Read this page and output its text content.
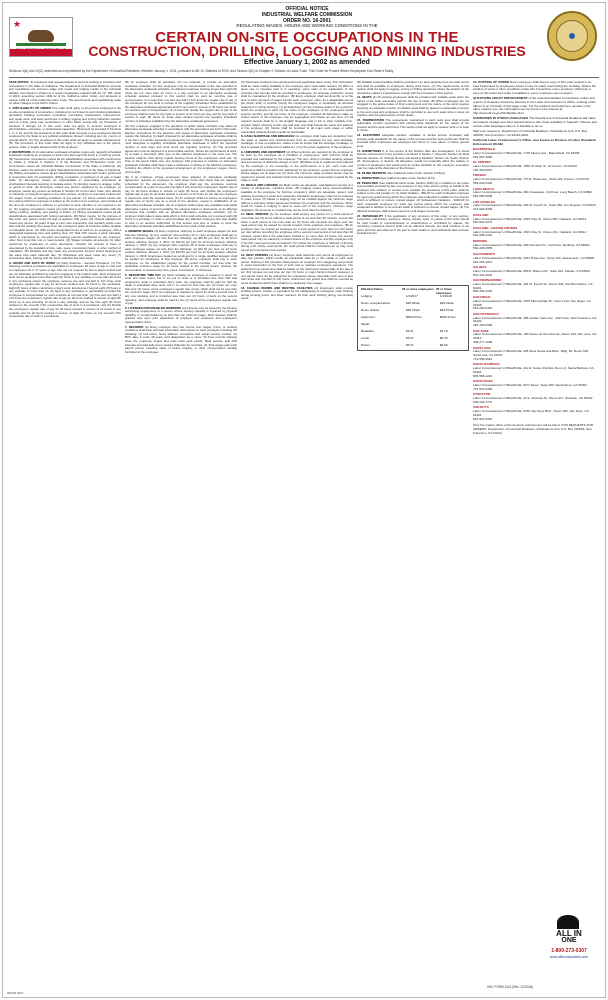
★
OFFICIAL NOTICE
INDUSTRIAL WELFARE COMMISSION
ORDER NO. 16-2001
REGULATING WAGES, HOURS AND WORKING CONDITIONS IN THE
CERTAIN ON-SITE OCCUPATIONS IN THE
CONSTRUCTION, DRILLING, LOGGING AND MINING INDUSTRIES
Effective January 1, 2002 as amended
Sections 4(A) and 10(C) amended and republished by the Department of Industrial Relations, effective January 1, 2011, pursuant to AB 10, Statutes of 2010; and Section 3(D) of Chapter 4, Division of Labor Code. This Order for Posted Where Employees Can Read It Easily

TAKE NOTICE: To employers and representatives of persons working in industries and occupations in the State of California: The Department of Industrial Relations amends and republishes the minimum wage and meals and lodging credits in the Industrial Welfare Commission's Orders as a result of legislation enacted (AB 10, Ch. 351, Stats of 2013, amending section 1182.12 of the California Labor Code), and pursuant to section 1182.13 of the California Labor Code. The amendments and republishing make no other changes to the IWC's Orders.

1. APPLICABILITY OF ORDER This order shall apply to all persons employed in the on-site occupations of construction, including but not limited to work involving alteration, demolition, building, excavation, renovation, remodeling, maintenance, improvement, and repair work, and work performed in drilling, logging and mining industries whether paid on a time, piece rate, commission, or other basis, except that: (A) Provisions of Sections 3 through 12 of this order shall not apply to persons employed in administrative, executive, or professional capacities. (B) Except as provided in Sections 1, 2, 4, 10, and 20, the provisions of this order shall not apply to any employees directly employed by the State or any political subdivision thereof, including any city, county, or special district. (C) The provisions of this order shall not apply to outside salespersons. (D) The provisions of this order shall not apply to any individual who is the parent, spouse, child, or legally adopted child of the employer.

2. DEFINITIONS (A) An alternative workweek schedule means any regularly scheduled workweek requiring an employee to work more than eight (8) hours in a 24-hour period. (B) Construction occupations means all job classifications associated with construction by Article 2, Chapter 9, Division 3 of the Business and Professions Code. (C) Commission means the Industrial Welfare Commission of the State of California. (D) Division means the Division of Labor Standards Enforcement of the State of California. (E) Drilling occupations means all job classifications associated with and/or performed in conjunction with, the exploration, drilling, completion, or workover of oil, gas, or water wells. (F) Emergency means an unpredictable or unavoidable occurrence at unscheduled intervals requiring immediate action. (G) Employ means to engage, suffer, or permit to work. (H) Employee means any person employed by an employer. (I) Employer means any person as defined in Section 18 of the Labor Code, who directly or indirectly, or through an agent or any other person, employs or exercises control over the wages, hours, or working conditions of any person. (J) Hours worked means the time during which an employee is subject to the control of an employer, and includes all the time the employee is suffered or permitted to work, whether or not required to do so. (K) Logging occupations means any work that is performed in conjunction with the felling, bucking, skidding, and yarding of timber. (L) Mining occupations means all job classifications associated with mining operations. (M) Minor means, for the purpose of this order, any person under the age of eighteen (18) years. (N) Outside salesperson means any person, 18 years of age or over, who customarily and regularly works more than half the working time away from the employer's place of business selling tangible or intangible items. (O) Shift means designated hours of work by an employee, with a designated beginning time and quitting time. (P) Split shift means a work schedule, which is interrupted by non-paid non-working periods established by the employer, other than bona fide rest or meal periods. (Q) Wages includes all amounts for labor performed by employees of every description, whether the amount is fixed or ascertained by the standard of time, task, piece, commission basis, or other method of calculation. (R) Workday and day mean any consecutive 24-hour period beginning at the same time each calendar day. (S) Workweek and week mean any seven (7) consecutive days, starting with the same calendar day each week.

3. HOURS AND DAYS OF WORK (A) Daily Overtime - General Provisions. (1) The following overtime provisions are applicable to employees 18 years of age or over and to employees 16 or 17 years of age who are not required by law to attend school and are not otherwise prohibited by law from engaging in the subject work. Such employees shall not be employed more than eight (8) hours in any workday or more than 40 hours in any workweek unless the employee receives one and one-half (1 1/2) times such employee's regular rate of pay for all hours worked over 40 hours in the workweek. Eight (8) hours of labor constitutes a day's work. Employment beyond eight (8) hours in any workday or more than six (6) days in any workweek is permissible provided the employee is compensated for such overtime at not less than: (a) One and one-half (1 1/2) times the employee's regular rate of pay for all hours worked in excess of eight (8) hours up to and including 12 hours in any workday, and for the first eight (8) hours worked on the seventh (7th) consecutive day of work in a workweek; and (b) Double the employee's regular rate of pay for all hours worked in excess of 12 hours in any workday and for all hours worked in excess of eight (8) hours on the seventh (7th) consecutive day of work in a workweek.

(B) An employer shall be permitted, but not required, to provide an alternative workweek schedule. (C) Any employee may be compensated at the rate specified in the alternative workweek schedule. An affected employee working longer than eight (8) hours but not more than 12 hours in a day pursuant to an alternative workweek schedule adopted pursuant to this section shall be paid an overtime rate of compensation of no less than one and one-half (1 1/2) times the regular rate of pay of the employee for any work in excess of the regularly scheduled hours established by the alternative workweek agreement and for any work in excess of 40 hours per week. An overtime rate of compensation of no less than double the regular rate of pay of the employee shall be paid for any work in excess of 12 hours per day and for any work in excess of eight (8) hours on those days worked beyond the regularly scheduled number of workdays established by the alternative workweek agreement.

(D) Any employer engaged in the operation of public works contracts may adopt an alternative workweek schedule in accordance with the procedures set forth in this order. Election procedures for the adoption and repeal of alternative workweek schedules require the following: (1) Each proposal for an alternative workweek schedule shall be in the form of a written agreement proposed by the employer. The proposed agreement must designate a regularly scheduled alternative workweek in which the specified number of work days and work hours are regularly recurring. (2) The proposed agreement must be adopted in a secret ballot election, before the performance of work, by at least a two-thirds (2/3) vote of the affected employees in the work unit. The election shall be held during regular working hours at the employees' work site. (3) Prior to the secret ballot vote, any employer who proposes to institute an alternative workweek schedule shall have made a disclosure in writing to the affected employees, including the effects of the proposed arrangement on the employees' wages, hours, and benefits.

(E) If an employer, whose employees have adopted an alternative workweek agreement, requires an employee to work fewer hours than those that are regularly scheduled by the agreement, the employer shall pay the employee overtime compensation at a rate of one and one-half (1 1/2) times the employee's regular rate of pay for all hours worked in excess of eight (8) hours, and double the employee's regular rate of pay for all hours worked in excess of 12 hours for the day the employee is required to work the reduced hours. (F) An employer shall not reduce an employee's regular rate of hourly pay as a result of the adoption, repeal or nullification of an alternative workweek schedule. (G) An employer shall explore any available reasonable alternative means of accommodating the religious belief or observance of an affected employee that conflicts with an adopted alternative workweek schedule. (H) An employer shall make a reasonable effort to find a work schedule not to exceed eight (8) hours in a workday, in order to accommodate any affected employee who was eligible to vote in an election authorized by this section and who is unable to work the alternative workweek schedule established as the result of that election.

4. MINIMUM WAGES (A) Every employer shall pay to each employee wages not less than the following: (1) Any employer who employs 26 or more employees shall pay to each employee wages not less than the following: (a) $10.50 per hour for all hours worked, effective January 1, 2017; (b) $11.00 per hour for all hours worked, effective January 1, 2018; (2) Any employer who employs 25 or fewer employees shall pay to each employee wages not less than the following: (a) $10.00 per hour for all hours worked, effective January 1, 2017; (b) $10.50 per hour for all hours worked, effective January 1, 2018. Employees treated as employed by a single qualified taxpayer shall be treated as employees of that taxpayer. (B) Every employer shall pay to each employee, on the established payday for the period involved, not less than the applicable minimum wage for all hours worked in the payroll period, whether the remuneration is measured by time, piece, commission, or otherwise.

5. REPORTING TIME PAY (A) Each workday an employee is required to report for work and does report, but is not put to work or is furnished less than half said employee's usual or scheduled day's work, the employee shall be paid for half the usual or scheduled day's work, but in no event for less than two (2) hours nor more than four (4) hours, at the employee's regular rate of pay, which shall not be less than the minimum wage. (B) If an employee is required to report for work a second time in any one workday and is furnished less than two (2) hours of work on the second reporting, said employee shall be paid for two (2) hours at the employee's regular rate of pay.

6. LICENSES FOR DISABLED WORKERS (A) A license may be issued by the Division authorizing employment of a person whose earning capacity is impaired by physical disability or mental deficiency at less than the minimum wage. Such licenses shall be granted only upon joint application of employer and employee and employee's representative if any.

7. RECORDS (A) Every employer who has control over wages, hours, or working conditions shall keep accurate information with respect to each employee including the following: (1) Full name, home address, occupation and social security number. (2) Birth date, if under 18 years, and designation as a minor. (3) Time records showing when the employee begins and ends each work period. Meal periods, split shift intervals and total daily hours worked shall also be recorded. (4) Total wages paid each payroll period, including value of board, lodging, or other compensation actually furnished to the employee.

(5) Total hours worked in the payroll period and applicable rates of pay. This information shall be made readily available to the employee upon reasonable request. (6) When a piece rate or incentive plan is in operation, piece rates or an explanation of the incentive plan formula shall be provided to employees. An accurate production record shall be maintained by the employer. (B) Every employer shall semimonthly or at the time of each payment of wages furnish each employee, either as a detachable part of the check, draft, or voucher paying the employee's wages, or separately, an itemized statement in writing showing: (1) all deductions; (2) the inclusive dates of the period for which the employee is paid; (3) the name of the employee or the employee's social security number; and (4) the name of the employer, provided all deductions made on written orders of the employee may be aggregated and shown as one item. (C) All required records shall be in the English language and in ink or other indelible form, properly dated, showing month, day and year, and shall include the name and address of the employer. (D) Clocks shall be provided in all major work areas or within reasonable distance thereto insofar as practicable.

8. CASH SHORTAGE AND BREAKAGE No employer shall make any deduction from the wage or require any reimbursement from an employee for any cash shortage, breakage, or loss of equipment, unless it can be shown that the shortage, breakage, or loss is caused by a dishonest or willful act, or by the gross negligence of the employee.

9. UNIFORMS AND EQUIPMENT (A) When uniforms are required by the employer to be worn by the employee as a condition of employment, such uniforms shall be provided and maintained by the employer. The term uniform includes wearing apparel and accessories of distinctive design or color. (B) When tools or equipment are required by the employer or are necessary to the performance of a job, such tools and equipment shall be provided and maintained by the employer, except that an employee whose wages are at least two (2) times the minimum wage provided herein may be required to provide and maintain hand tools and equipment customarily required by the trade or craft.

10. MEALS AND LODGING (A) Meal means an adequate, well-balanced serving of a variety of wholesome, nutritious foods. (B) Lodging means living accommodations available to the employee for full-time occupancy which are adequate, decent, and sanitary according to usual and customary standards. Employees shall not be required to share a bed. (C) Meals or lodging may not be credited against the minimum wage without a voluntary written agreement between the employer and the employee. When credit for meals or lodging is used to meet part of the employer's minimum wage obligation, the amounts so credited may not be more than the following:

11. MEAL PERIODS (A) No employer shall employ any person for a work period of more than five (5) hours without a meal period of not less than 30 minutes, except that when a work period of not more than six (6) hours will complete the day's work the meal period may be waived by mutual consent of the employer and employee. (B) An employer may not employ an employee for a work period of more than ten (10) hours per day without providing the employee with a second meal period of not less than 30 minutes, except that if the total hours worked is no more than 12 hours, the second meal period may be waived by mutual consent of the employer and the employee only if the first meal period was not waived. (C) Unless the employee is relieved of all duty during a 30 minute meal period, the meal period shall be considered an on duty meal period and counted as time worked.

12. REST PERIODS (A) Every employer shall authorize and permit all employees to take rest periods, which insofar as practicable shall be in the middle of each work period. Nothing in this provision shall prevent an employer from staggering rest periods to avoid interruption in the flow of work and to maintain continuous operations. The authorized rest period time shall be based on the total hours worked daily at the rate of ten (10) minutes net rest time per four (4) hours or major fraction thereof. However, a rest period need not be authorized for employees whose total daily work time is less than three and one-half (3 1/2) hours. Authorized rest period time shall be counted as hours worked for which there shall be no deduction from wages.

13. CHANGE ROOMS AND RESTING FACILITIES (A) Employers shall provide suitable lockers, closets, or equivalent for the safekeeping of employees' outer clothing during working hours, and when required, for their work clothing during non-working hours.

(B) Suitable resting facilities shall be provided in an area separate from the toilet rooms and shall be available to employees during work hours. (C) The requirements of this section shall not apply to logging, mining or drilling operations where the location of the operations makes it impractical to comply with the provisions of this section.

14. SEATS (A) All working employees shall be provided with suitable seats when the nature of the work reasonably permits the use of seats. (B) When employees are not engaged in the active duties of their employment and the nature of the work requires standing, an adequate number of suitable seats shall be placed in reasonable proximity to the work area and employees shall be permitted to use such seats when it does not interfere with the performance of their duties.

15. TEMPERATURE The temperature maintained in each work area shall provide reasonable comfort consistent with industry-wide standards for the nature of the process and the work performed. This section shall not apply to outdoor work or to work in mines.

16. ELEVATORS Adequate elevator, escalator or similar service consistent with industry-wide standards for the nature of the process and the work performed shall be provided when employees are employed four floors or more above or below ground level.

17. EXEMPTIONS If, in the opinion of the Division after due investigation, it is found that the enforcement of any provision contained in Section 7, Records; Section 12, Rest Periods; Section 13, Change Rooms and Resting Facilities; Section 14, Seats; Section 15, Temperature; or Section 16, Elevators, would not materially affect the welfare or comfort of employees and would work an undue hardship on the employer, exemption may be made at the discretion of the Division.

18. FILING REPORTS (See California Labor Code, Section 1174(a))

19. INSPECTION (See California Labor Code, Section 1174)

20. PENALTIES (See California Labor Code, Section 1199) (A) In addition to any other civil penalties provided by law, any employer or any other person acting on behalf of the employer who violates, or causes to be violated, the provisions of this order, shall be subject to the civil penalty of: (1) Initial Violation - $50.00 for each underpaid employee for each pay period during which the employee was underpaid in addition to the amount which is sufficient to recover unpaid wages. (2) Subsequent Violations - $100.00 for each underpaid employee for each pay period during which the employee was underpaid in addition to an amount which is sufficient to recover unpaid wages. (3) The affected employee shall receive payment of all wages recovered.

21. SEPARABILITY If the application of any provision of this order, or any section, subsection, subdivision, sentence, clause, phrase, word, or portion of this order should be held invalid or unconstitutional or unauthorized or prohibited by statute, the remaining provisions thereof shall not be affected thereby, but shall continue to be given full force and effect as if the part so held invalid or unconstitutional had not been included herein.

Effective Dates	26 or more employees 25 or fewer employees
Lodging:	1/1/2017	1/1/2018
Room occupied alone	$46.92/wk	$49.19/wk
Room shared	$38.72/wk	$40.57/wk
Apartment	$563.57/mo	$590.37/mo
Meals:
Breakfast	$3.61	$3.78
Lunch	$4.97	$5.20
Dinner	$6.67	$6.99

22. POSTING OF ORDER Every employer shall keep a copy of this order posted in an area frequented by employees where it may be easily read during the workday. Where the location of work or other conditions make this impractical, every employer shall keep a copy of this order and make it available to every employee upon request.

QUESTIONS ABOUT ENFORCEMENT of the Industrial Welfare Commission orders and reports of violations should be directed to the Labor Commissioner's Office. A listing of the offices is on the back of this wage order. For the address and telephone number of the office nearest you, the information can be found on the internet at http://www.dir.ca.gov/DLSE/dlse.html.

SUMMARIES IN OTHER LANGUAGES The Department of Industrial Relations will make summaries of wage and hour requirements in this Order available in Spanish, Chinese and certain other languages when it is feasible to do so.

Mail your request to: Department of Industrial Relations, Publications Unit, P.O. Box 420603, San Francisco, CA 94142-0603.

California Labor Commissioner's Office, also known as Division of Labor Standards Enforcement (DLSE)

BAKERSFIELD
Labor Commissioner's Office/DLSE, 7718 Meany Ave., Bakersfield, CA 93308
661-587-3060
EL CENTRO
Labor Commissioner's Office/DLSE, 1550 W. Main St., El Centro, CA 92243
760-353-0607
FRESNO
Labor Commissioner's Office/DLSE, 770 E. Shaw Ave., Suite 222, Fresno, CA 93710
559-244-5340
LONG BEACH
Labor Commissioner's Office/DLSE, 300 Oceangate, 3rd Floor, Long Beach, CA 90802
562-590-5048
LOS ANGELES
Labor Commissioner's Office/DLSE, 320 W. Fourth St., Suite 450, Los Angeles, CA 90013
213-620-6330
OAKLAND
Labor Commissioner's Office/DLSE, 1515 Clay St., Room 801, Oakland, CA 94612
510-622-3273
OAKLAND - HEADQUARTERS
Labor Commissioner's Office/DLSE, 1515 Clay St., Room 401, Oakland, CA 94612
510-285-2118
REDDING
Labor Commissioner's Office/DLSE, 250 Hemsted Dr., 2nd Floor, Redding, CA 96002
530-225-2655
SACRAMENTO
Labor Commissioner's Office/DLSE, 2031 Howe Ave., Suite 100, Sacramento, CA 95825
916-263-1811
SALINAS
Labor Commissioner's Office/DLSE, 950 E. Blanco Rd., Suite 204, Salinas, CA 93901
831-443-3041
SAN BERNARDINO
Labor Commissioner's Office/DLSE, 464 W. Fourth St., Room 348, San Bernardino, CA 92401
909-383-4334
SAN DIEGO
Labor Commissioner's Office/DLSE, 7575 Metropolitan Dr., Room 210, San Diego, CA 92108
619-220-5451
SAN FRANCISCO
Labor Commissioner's Office/DLSE, 455 Golden Gate Ave., 10th Floor, San Francisco, CA 94102
415-703-5300
SAN JOSE
Labor Commissioner's Office/DLSE, 100 Paseo de San Antonio, Room 120, San Jose, CA 95113
408-277-1266
SANTA ANA
Labor Commissioner's Office/DLSE, 605 West Santa Ana Blvd., Bldg. 28, Room 625, Santa Ana, CA 92701
714-558-4910
SANTA BARBARA
Labor Commissioner's Office/DLSE, 411 E. Canon Perdido, Room 3, Santa Barbara, CA 93101
805-568-1222
SANTA ROSA
Labor Commissioner's Office/DLSE, 50 D Street, Suite 360, Santa Rosa, CA 95404
707-576-2362
STOCKTON
Labor Commissioner's Office/DLSE, 31 E. Channel St., Room 317, Stockton, CA 95202
209-948-7770
VAN NUYS
Labor Commissioner's Office/DLSE, 6150 Van Nuys Blvd., Room 206, Van Nuys, CA 91401
818-901-5315

Only the master office of the dynamic enforcement will be listed. FOR REQUESTS FOR ORDERS: Department of Industrial Relations, Publications Unit, P.O. Box 420603, San Francisco, CA 94142

ALL IN
ONE
1-800-273-0307
www.allinoneposters.com
IWC16 0117
IWC FORM 1116 (Rev. 12/2016)
